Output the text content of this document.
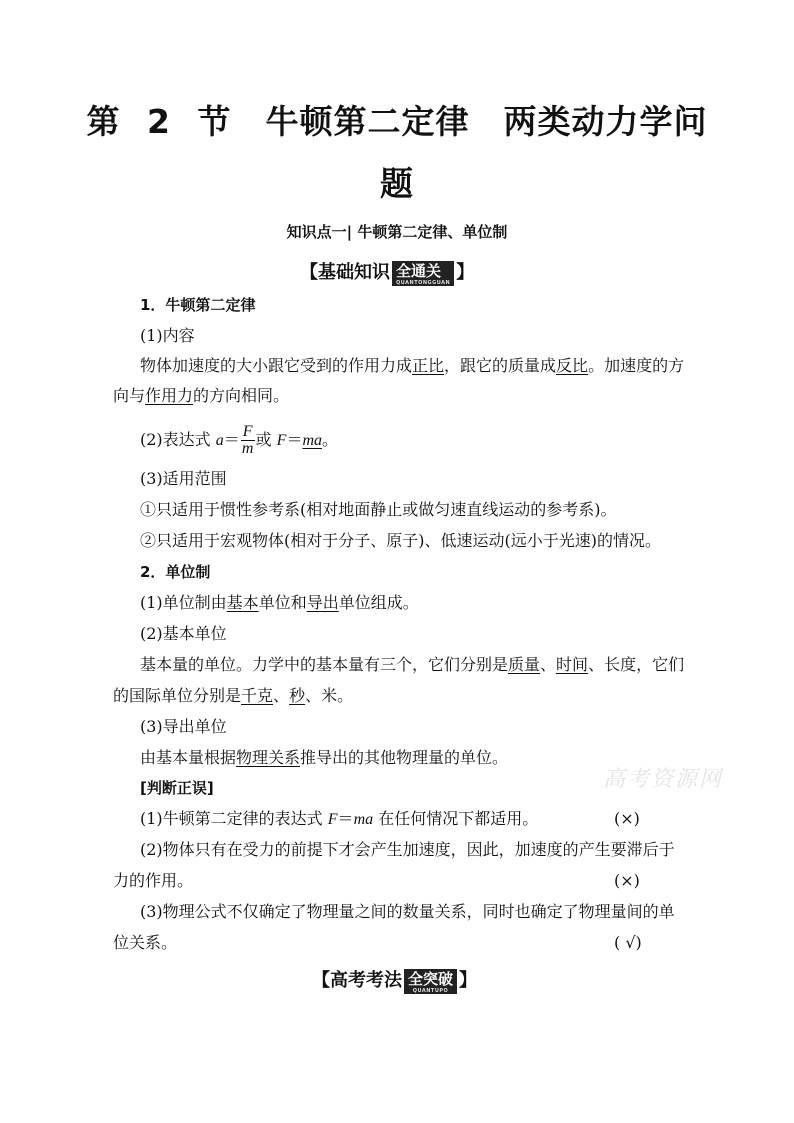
第 2 节　牛顿第二定律　两类动力学问
题
知识点一| 牛顿第二定律、单位制
【基础知识 全通关
QUANTONGGUAN 】
1．牛顿第二定律
(1)内容
物体加速度的大小跟它受到的作用力成正比，跟它的质量成反比。加速度的方
向与作用力的方向相同。
(2)表达式 $a= \frac{F}{m}$ 或 F＝ma。
(3)适用范围
①只适用于惯性参考系(相对地面静止或做匀速直线运动的参考系)。
②只适用于宏观物体(相对于分子、原子)、低速运动(远小于光速)的情况。
2．单位制
(1)单位制由基本单位和导出单位组成。
(2)基本单位
基本量的单位。力学中的基本量有三个，它们分别是质量、时间、长度，它们
的国际单位分别是千克、秒、米。
(3)导出单位
由基本量根据物理关系推导出的其他物理量的单位。
高考资源网
[判断正误]
(1)牛顿第二定律的表达式 F＝ma 在任何情况下都适用。	(×)
(2)物体只有在受力的前提下才会产生加速度，因此，加速度的产生要滞后于
力的作用。	(×)
(3)物理公式不仅确定了物理量之间的数量关系，同时也确定了物理量间的单
位关系。	( √)
【高考考法 全突破
QUANTUPO 】
